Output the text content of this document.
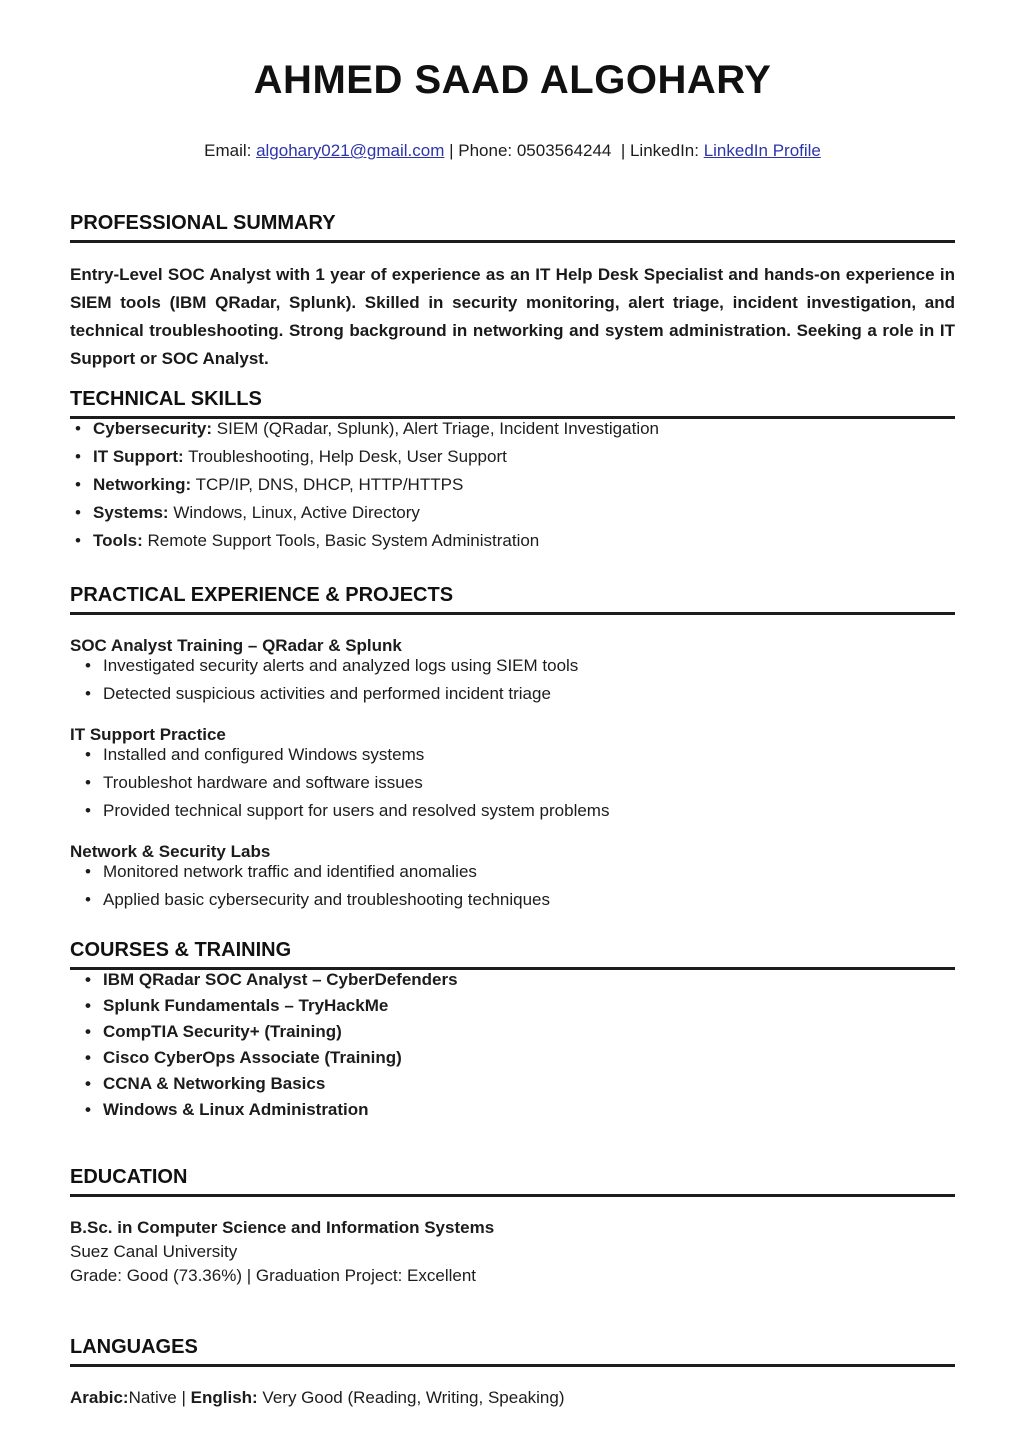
AHMED SAAD ALGOHARY

Email: algohary021@gmail.com | Phone: 0503564244  | LinkedIn: LinkedIn Profile

PROFESSIONAL SUMMARY

Entry-Level SOC Analyst with 1 year of experience as an IT Help Desk Specialist and hands-on experience in SIEM tools (IBM QRadar, Splunk). Skilled in security monitoring, alert triage, incident investigation, and technical troubleshooting. Strong background in networking and system administration. Seeking a role in IT Support or SOC Analyst.

TECHNICAL SKILLS
• Cybersecurity: SIEM (QRadar, Splunk), Alert Triage, Incident Investigation
• IT Support: Troubleshooting, Help Desk, User Support
• Networking: TCP/IP, DNS, DHCP, HTTP/HTTPS
• Systems: Windows, Linux, Active Directory
• Tools: Remote Support Tools, Basic System Administration
PRACTICAL EXPERIENCE & PROJECTS
SOC Analyst Training – QRadar & Splunk
• Investigated security alerts and analyzed logs using SIEM tools
• Detected suspicious activities and performed incident triage
IT Support Practice
• Installed and configured Windows systems
• Troubleshot hardware and software issues
• Provided technical support for users and resolved system problems
Network & Security Labs
• Monitored network traffic and identified anomalies
• Applied basic cybersecurity and troubleshooting techniques
COURSES & TRAINING
• IBM QRadar SOC Analyst – CyberDefenders
• Splunk Fundamentals – TryHackMe
• CompTIA Security+ (Training)
• Cisco CyberOps Associate (Training)
• CCNA & Networking Basics
• Windows & Linux Administration
EDUCATION

B.Sc. in Computer Science and Information Systems

Suez Canal University

Grade: Good (73.36%) | Graduation Project: Excellent

LANGUAGES

Arabic:Native | English: Very Good (Reading, Writing, Speaking)
